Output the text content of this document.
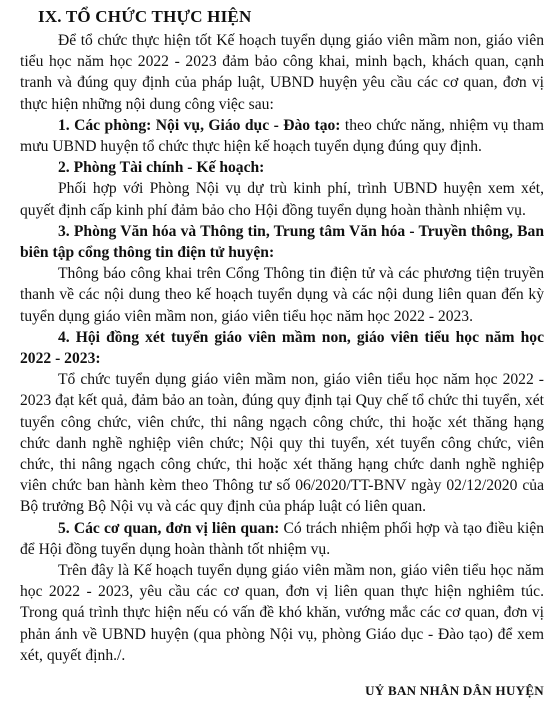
IX. TỔ CHỨC THỰC HIỆN

Để tổ chức thực hiện tốt Kế hoạch tuyển dụng giáo viên mầm non, giáo viên tiểu học năm học 2022 - 2023 đảm bảo công khai, minh bạch, khách quan, cạnh tranh và đúng quy định của pháp luật, UBND huyện yêu cầu các cơ quan, đơn vị thực hiện những nội dung công việc sau:

1. Các phòng: Nội vụ, Giáo dục - Đào tạo: theo chức năng, nhiệm vụ tham mưu UBND huyện tổ chức thực hiện kế hoạch tuyển dụng đúng quy định.

2. Phòng Tài chính - Kế hoạch:

Phối hợp với Phòng Nội vụ dự trù kinh phí, trình UBND huyện xem xét, quyết định cấp kinh phí đảm bảo cho Hội đồng tuyển dụng hoàn thành nhiệm vụ.

3. Phòng Văn hóa và Thông tin, Trung tâm Văn hóa - Truyền thông, Ban biên tập cổng thông tin điện tử huyện:

Thông báo công khai trên Cổng Thông tin điện tử và các phương tiện truyền thanh về các nội dung theo kế hoạch tuyển dụng và các nội dung liên quan đến kỳ tuyển dụng giáo viên mầm non, giáo viên tiểu học năm học 2022 - 2023.

4. Hội đồng xét tuyển giáo viên mầm non, giáo viên tiểu học năm học 2022 - 2023:

Tổ chức tuyển dụng giáo viên mầm non, giáo viên tiểu học năm học 2022 - 2023 đạt kết quả, đảm bảo an toàn, đúng quy định tại Quy chế tổ chức thi tuyển, xét tuyển công chức, viên chức, thi nâng ngạch công chức, thi hoặc xét thăng hạng chức danh nghề nghiệp viên chức; Nội quy thi tuyển, xét tuyển công chức, viên chức, thi nâng ngạch công chức, thi hoặc xét thăng hạng chức danh nghề nghiệp viên chức ban hành kèm theo Thông tư số 06/2020/TT-BNV ngày 02/12/2020 của Bộ trưởng Bộ Nội vụ và các quy định của pháp luật có liên quan.

5. Các cơ quan, đơn vị liên quan: Có trách nhiệm phối hợp và tạo điều kiện để Hội đồng tuyển dụng hoàn thành tốt nhiệm vụ.

Trên đây là Kế hoạch tuyển dụng giáo viên mầm non, giáo viên tiểu học năm học 2022 - 2023, yêu cầu các cơ quan, đơn vị liên quan thực hiện nghiêm túc. Trong quá trình thực hiện nếu có vấn đề khó khăn, vướng mắc các cơ quan, đơn vị phản ánh về UBND huyện (qua phòng Nội vụ, phòng Giáo dục - Đào tạo) để xem xét, quyết định./.

UỶ BAN NHÂN DÂN HUYỆN
